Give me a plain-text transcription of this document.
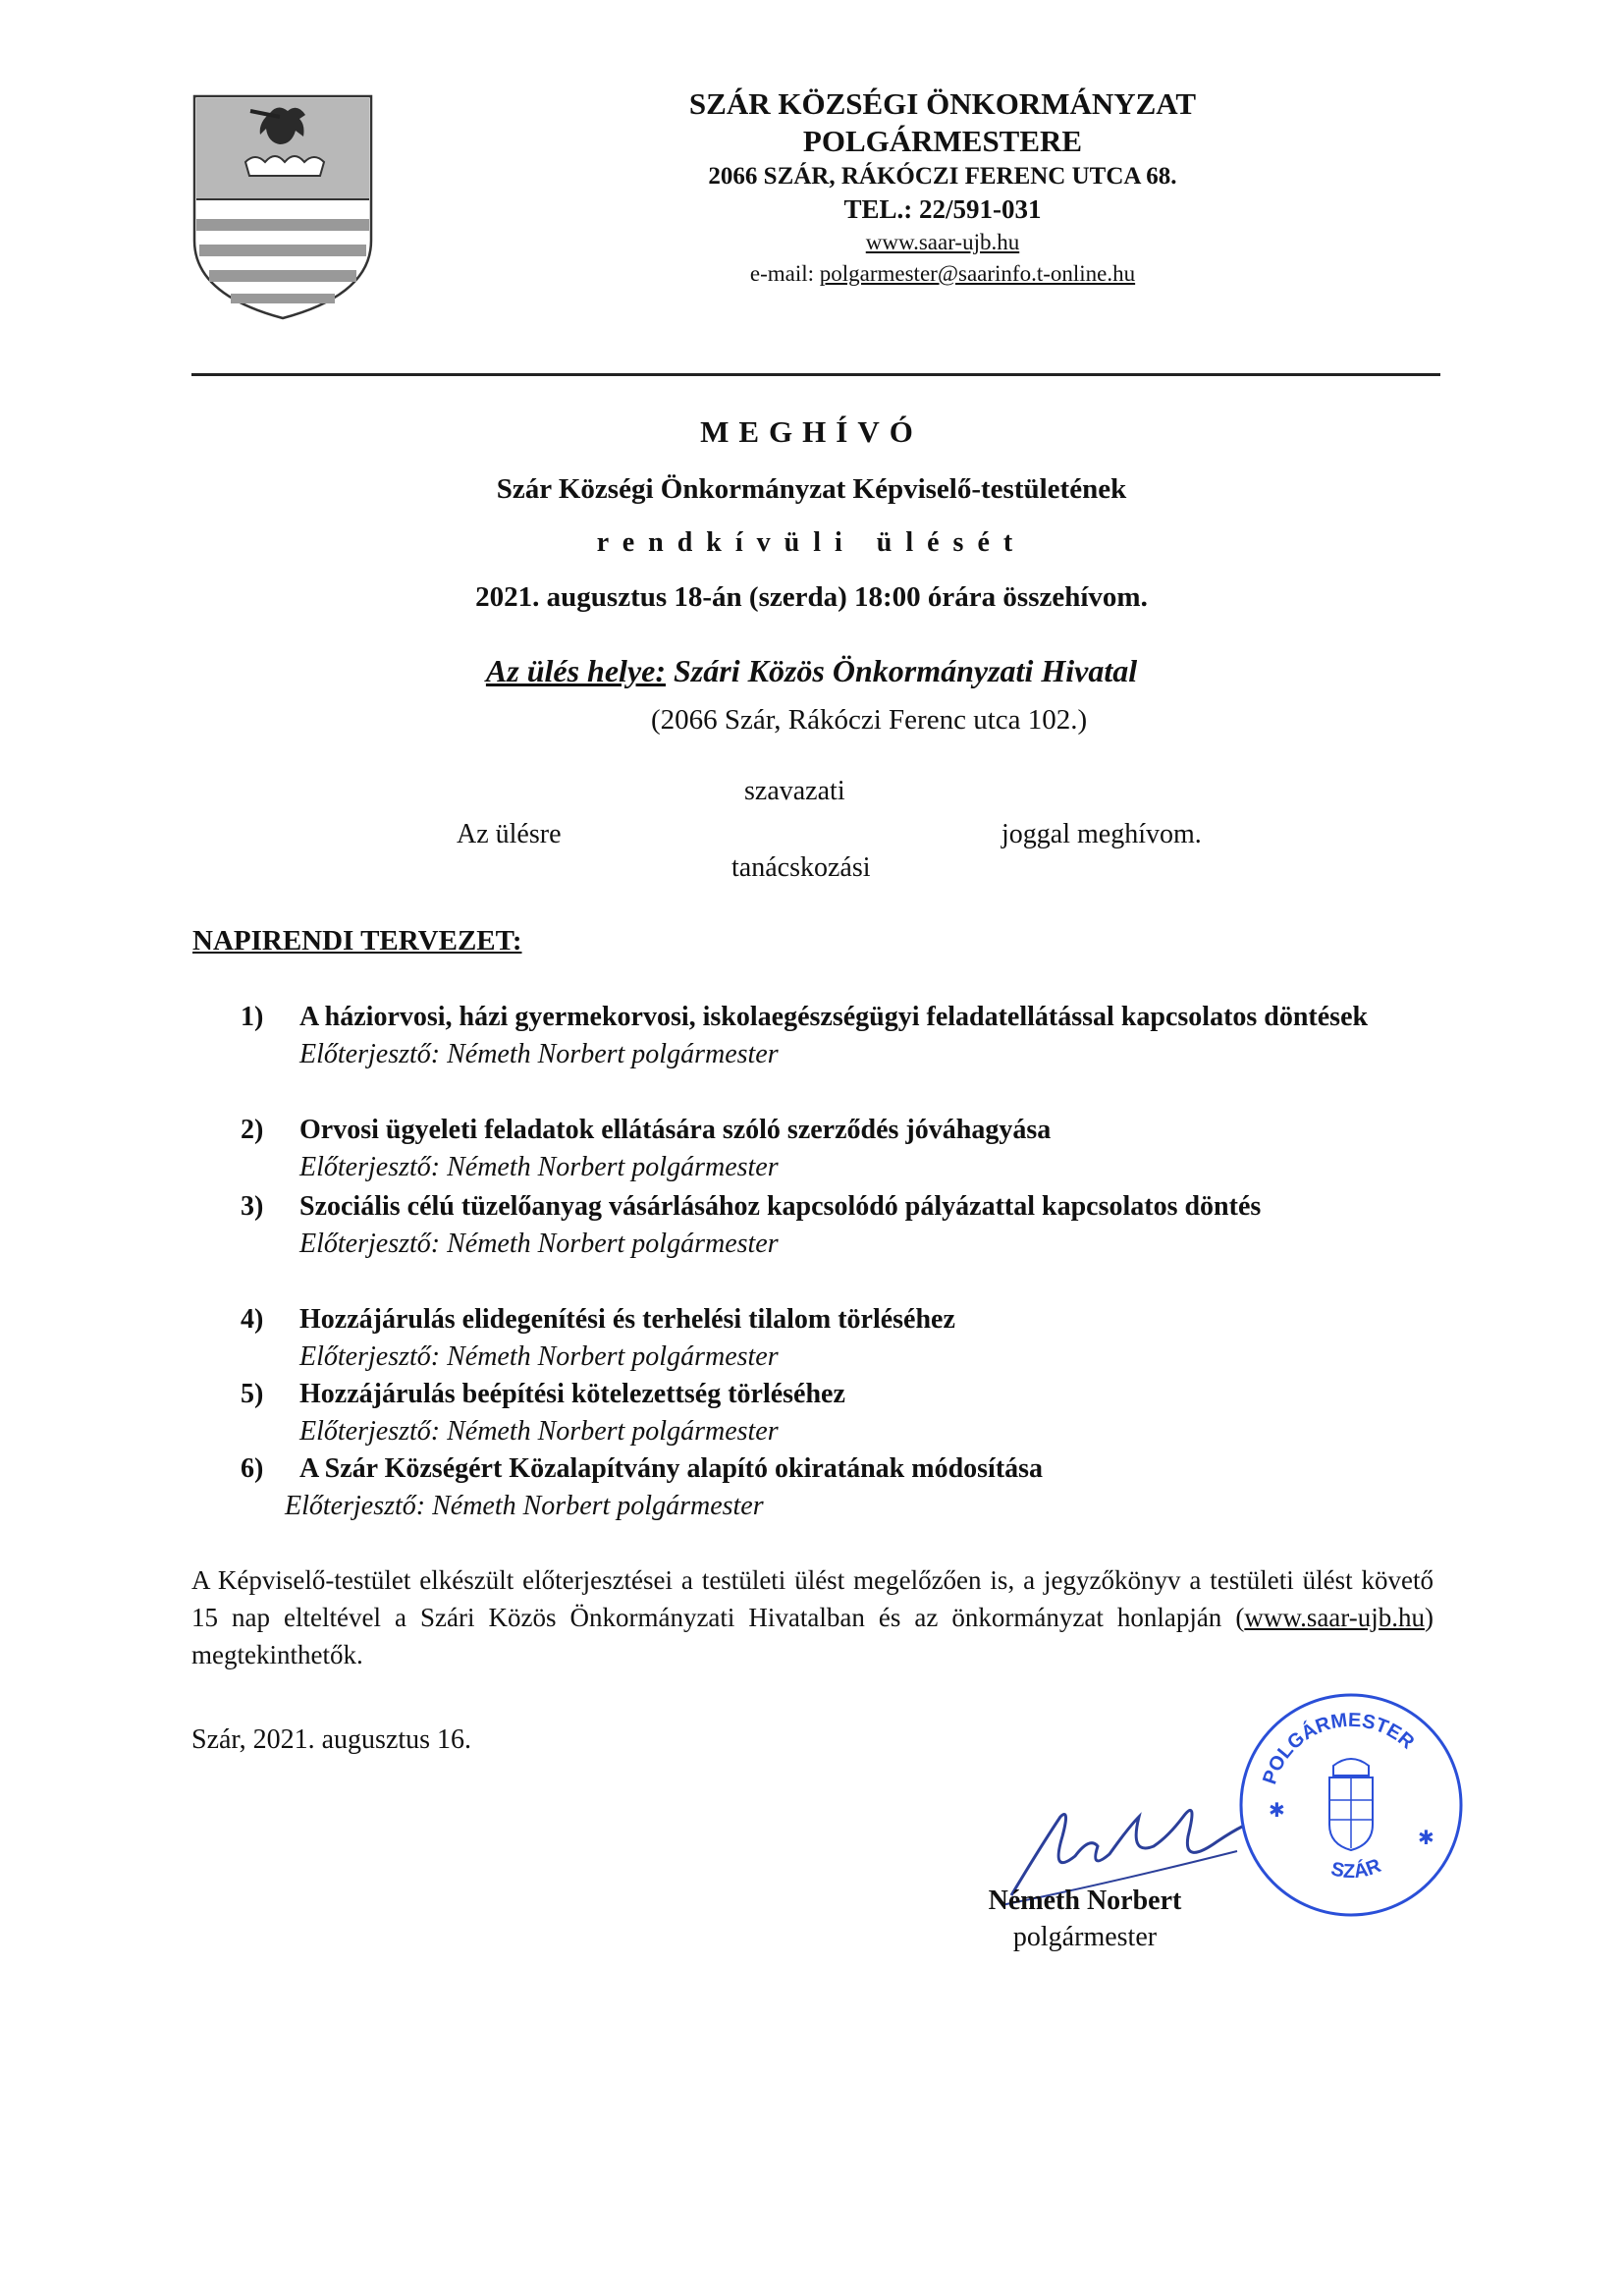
SZÁR KÖZSÉGI ÖNKORMÁNYZAT
POLGÁRMESTERE
2066 SZÁR, RÁKÓCZI FERENC UTCA 68.
TEL.: 22/591-031
www.saar-ujb.hu
e-mail: polgarmester@saarinfo.t-online.hu
MEGHÍVÓ
Szár Községi Önkormányzat Képviselő-testületének
rendkívüli ülését
2021. augusztus 18-án (szerda) 18:00 órára összehívom.
Az ülés helye: Szári Közös Önkormányzati Hivatal
(2066 Szár, Rákóczi Ferenc utca 102.)
szavazati
Az ülésre	joggal meghívom.
tanácskozási
NAPIRENDI TERVEZET:
1) A háziorvosi, házi gyermekorvosi, iskolaegészségügyi feladatellátással kapcsolatos döntések
Előterjesztő: Németh Norbert polgármester
2) Orvosi ügyeleti feladatok ellátására szóló szerződés jóváhagyása
Előterjesztő: Németh Norbert polgármester
3) Szociális célú tüzelőanyag vásárlásához kapcsolódó pályázattal kapcsolatos döntés
Előterjesztő: Németh Norbert polgármester
4) Hozzájárulás elidegenítési és terhelési tilalom törléséhez
Előterjesztő: Németh Norbert polgármester
5) Hozzájárulás beépítési kötelezettség törléséhez
Előterjesztő: Németh Norbert polgármester
6) A Szár Községért Közalapítvány alapító okiratának módosítása
Előterjesztő: Németh Norbert polgármester
A Képviselő-testület elkészült előterjesztései a testületi ülést megelőzően is, a jegyzőkönyv a testületi ülést követő 15 nap elteltével a Szári Közös Önkormányzati Hivatalban és az önkormányzat honlapján (www.saar-ujb.hu) megtekinthetők.
Szár, 2021. augusztus 16.
POLGÁRMESTER
SZÁR
✱
✱
Németh Norbert
polgármester
